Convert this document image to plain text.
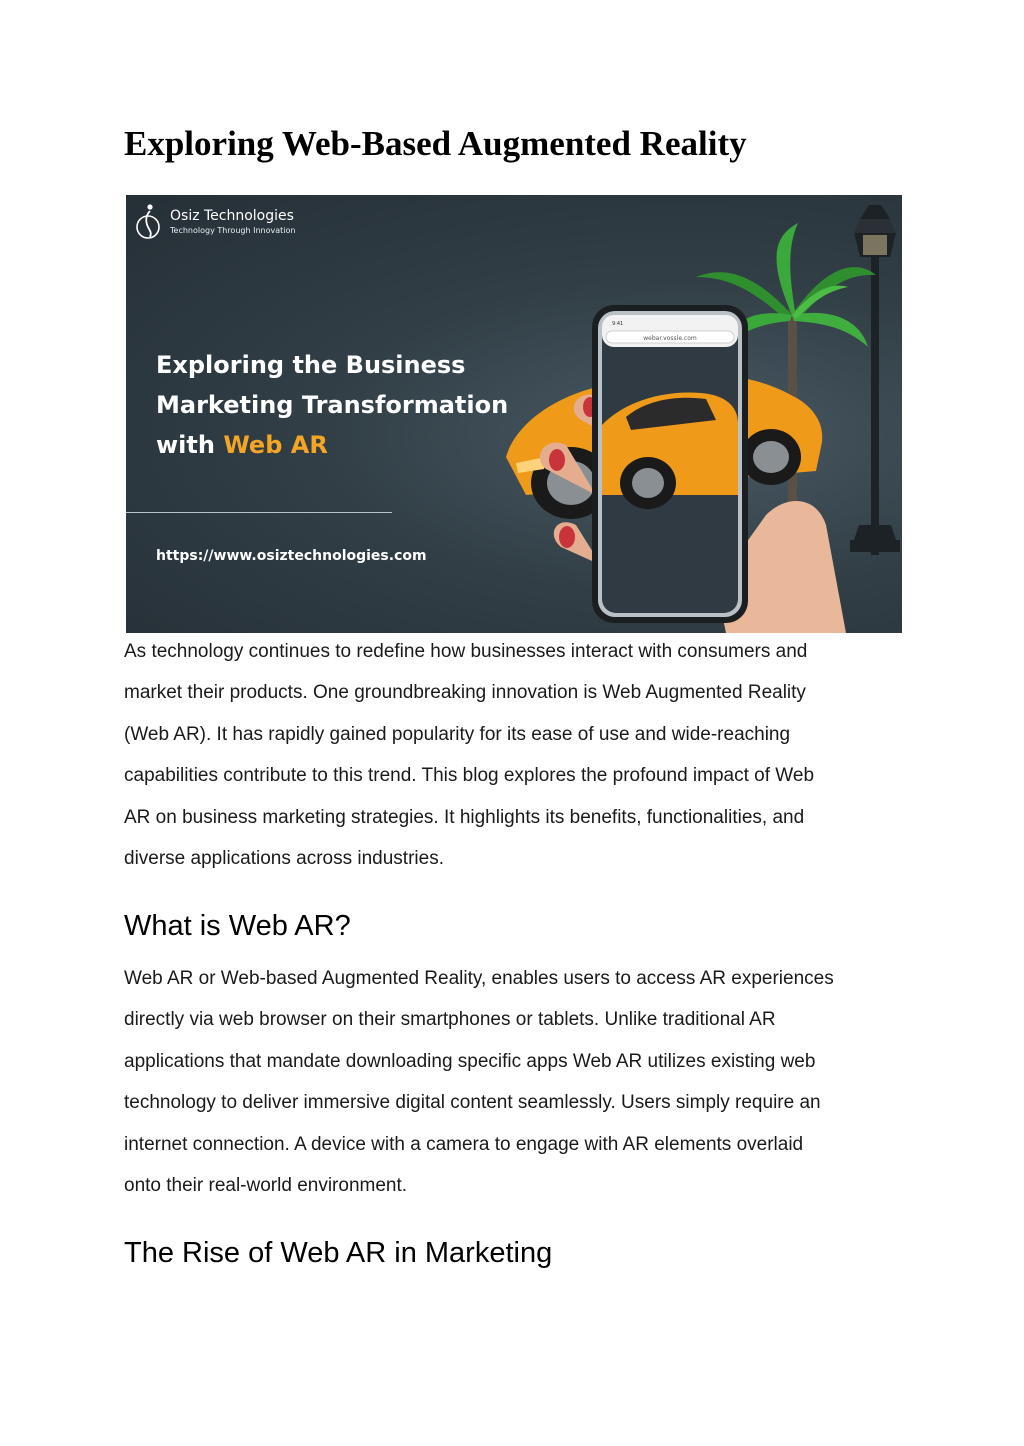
Exploring Web-Based Augmented Reality
webar.vossle.com
9:41
Osiz Technologies
Technology Through Innovation
Exploring the Business
Marketing Transformation
with Web AR
https://www.osiztechnologies.com

As technology continues to redefine how businesses interact with consumers and
market their products. One groundbreaking innovation is Web Augmented Reality
(Web AR). It has rapidly gained popularity for its ease of use and wide-reaching
capabilities contribute to this trend. This blog explores the profound impact of Web
AR on business marketing strategies. It highlights its benefits, functionalities, and
diverse applications across industries.

What is Web AR?

Web AR or Web-based Augmented Reality, enables users to access AR experiences
directly via web browser on their smartphones or tablets. Unlike traditional AR
applications that mandate downloading specific apps Web AR utilizes existing web
technology to deliver immersive digital content seamlessly. Users simply require an
internet connection. A device with a camera to engage with AR elements overlaid
onto their real-world environment.

The Rise of Web AR in Marketing
